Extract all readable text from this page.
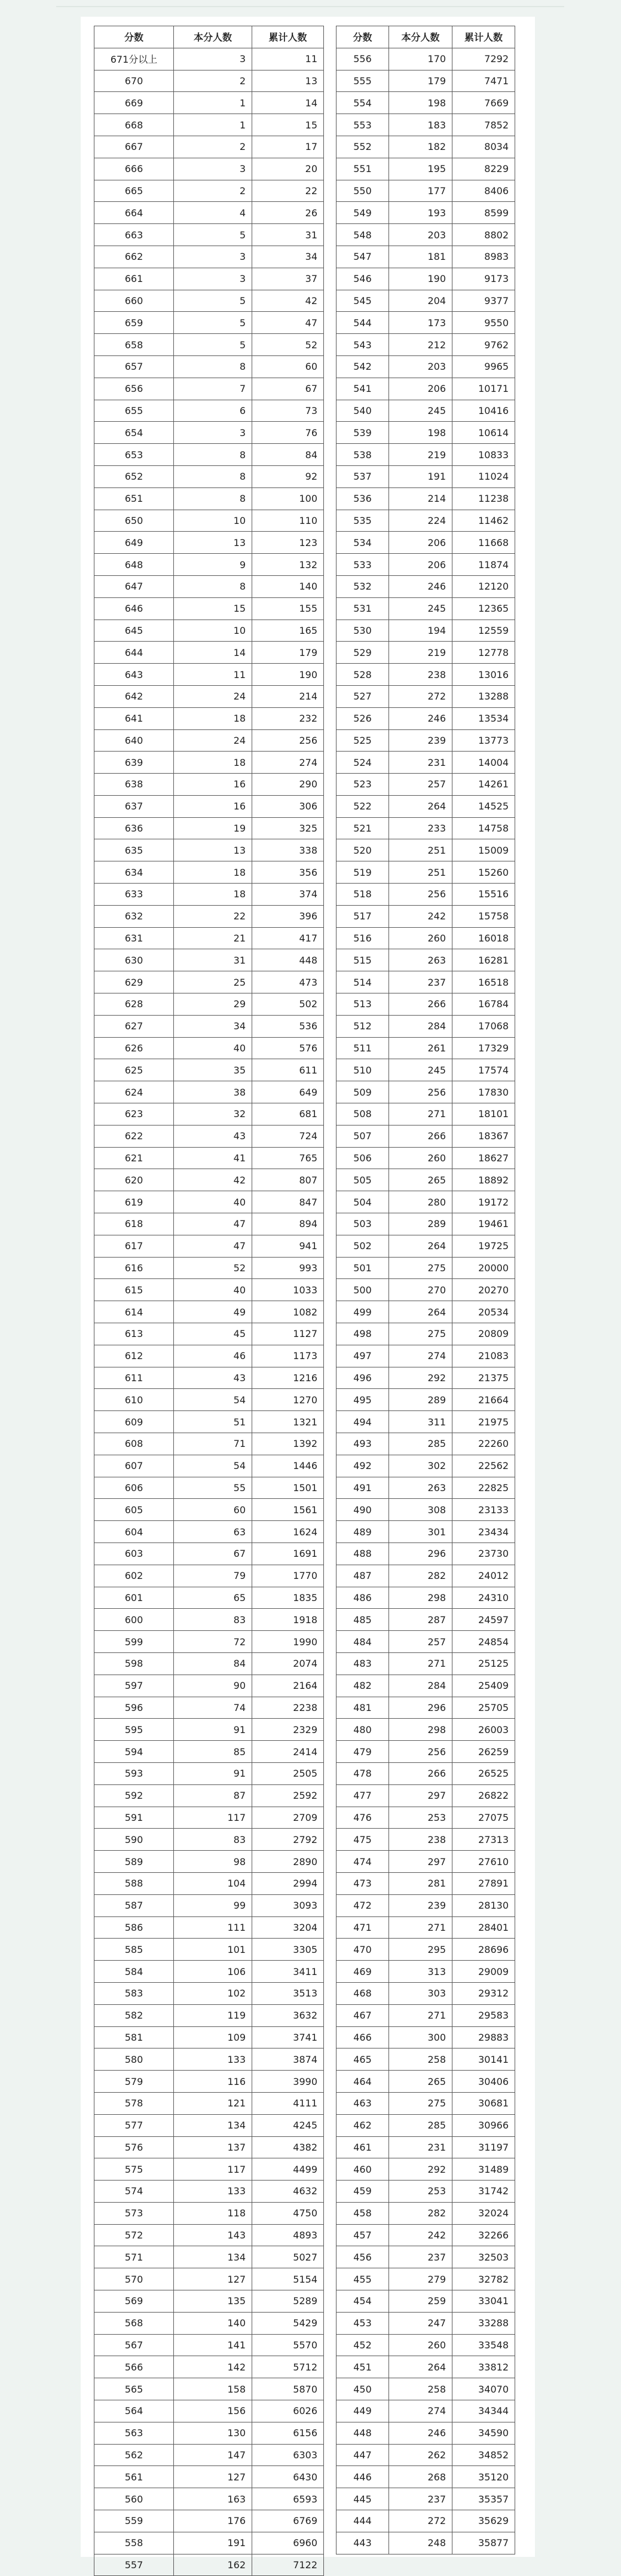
分数	本分人数	累计人数
671分以上	3	11
670	2	13
669	1	14
668	1	15
667	2	17
666	3	20
665	2	22
664	4	26
663	5	31
662	3	34
661	3	37
660	5	42
659	5	47
658	5	52
657	8	60
656	7	67
655	6	73
654	3	76
653	8	84
652	8	92
651	8	100
650	10	110
649	13	123
648	9	132
647	8	140
646	15	155
645	10	165
644	14	179
643	11	190
642	24	214
641	18	232
640	24	256
639	18	274
638	16	290
637	16	306
636	19	325
635	13	338
634	18	356
633	18	374
632	22	396
631	21	417
630	31	448
629	25	473
628	29	502
627	34	536
626	40	576
625	35	611
624	38	649
623	32	681
622	43	724
621	41	765
620	42	807
619	40	847
618	47	894
617	47	941
616	52	993
615	40	1033
614	49	1082
613	45	1127
612	46	1173
611	43	1216
610	54	1270
609	51	1321
608	71	1392
607	54	1446
606	55	1501
605	60	1561
604	63	1624
603	67	1691
602	79	1770
601	65	1835
600	83	1918
599	72	1990
598	84	2074
597	90	2164
596	74	2238
595	91	2329
594	85	2414
593	91	2505
592	87	2592
591	117	2709
590	83	2792
589	98	2890
588	104	2994
587	99	3093
586	111	3204
585	101	3305
584	106	3411
583	102	3513
582	119	3632
581	109	3741
580	133	3874
579	116	3990
578	121	4111
577	134	4245
576	137	4382
575	117	4499
574	133	4632
573	118	4750
572	143	4893
571	134	5027
570	127	5154
569	135	5289
568	140	5429
567	141	5570
566	142	5712
565	158	5870
564	156	6026
563	130	6156
562	147	6303
561	127	6430
560	163	6593
559	176	6769
558	191	6960
557	162	7122
分数	本分人数	累计人数
556	170	7292
555	179	7471
554	198	7669
553	183	7852
552	182	8034
551	195	8229
550	177	8406
549	193	8599
548	203	8802
547	181	8983
546	190	9173
545	204	9377
544	173	9550
543	212	9762
542	203	9965
541	206	10171
540	245	10416
539	198	10614
538	219	10833
537	191	11024
536	214	11238
535	224	11462
534	206	11668
533	206	11874
532	246	12120
531	245	12365
530	194	12559
529	219	12778
528	238	13016
527	272	13288
526	246	13534
525	239	13773
524	231	14004
523	257	14261
522	264	14525
521	233	14758
520	251	15009
519	251	15260
518	256	15516
517	242	15758
516	260	16018
515	263	16281
514	237	16518
513	266	16784
512	284	17068
511	261	17329
510	245	17574
509	256	17830
508	271	18101
507	266	18367
506	260	18627
505	265	18892
504	280	19172
503	289	19461
502	264	19725
501	275	20000
500	270	20270
499	264	20534
498	275	20809
497	274	21083
496	292	21375
495	289	21664
494	311	21975
493	285	22260
492	302	22562
491	263	22825
490	308	23133
489	301	23434
488	296	23730
487	282	24012
486	298	24310
485	287	24597
484	257	24854
483	271	25125
482	284	25409
481	296	25705
480	298	26003
479	256	26259
478	266	26525
477	297	26822
476	253	27075
475	238	27313
474	297	27610
473	281	27891
472	239	28130
471	271	28401
470	295	28696
469	313	29009
468	303	29312
467	271	29583
466	300	29883
465	258	30141
464	265	30406
463	275	30681
462	285	30966
461	231	31197
460	292	31489
459	253	31742
458	282	32024
457	242	32266
456	237	32503
455	279	32782
454	259	33041
453	247	33288
452	260	33548
451	264	33812
450	258	34070
449	274	34344
448	246	34590
447	262	34852
446	268	35120
445	237	35357
444	272	35629
443	248	35877
